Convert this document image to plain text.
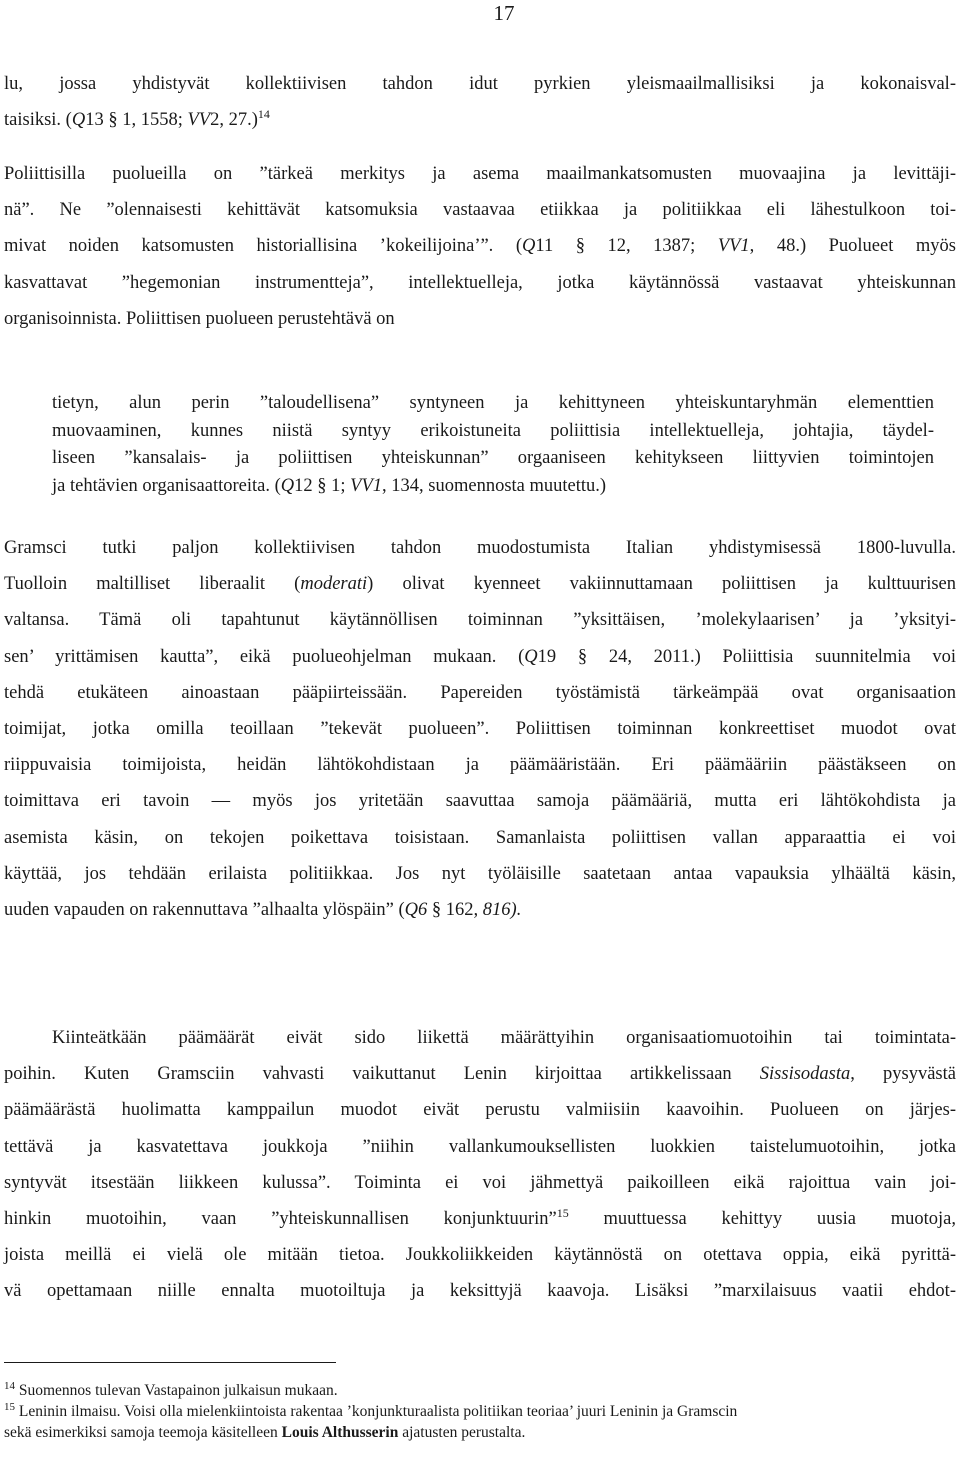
17

lu, jossa yhdistyvät kollektiivisen tahdon idut pyrkien yleismaailmallisiksi ja kokonaisval-
taisiksi. (Q13 § 1, 1558; VV2, 27.)$^{14}$

Poliittisilla puolueilla on ”tärkeä merkitys ja asema maailmankatsomusten muovaajina ja levittäji-
nä”. Ne ”olennaisesti kehittävät katsomuksia vastaavaa etiikkaa ja politiikkaa eli lähestulkoon toi-
mivat noiden katsomusten historiallisina ’kokeilijoina’”. (Q11 § 12, 1387; VV1, 48.) Puolueet myös
kasvattavat ”hegemonian instrumentteja”, intellektuelleja, jotka käytännössä vastaavat yhteiskunnan
organisoinnista. Poliittisen puolueen perustehtävä on

tietyn, alun perin ”taloudellisena” syntyneen ja kehittyneen yhteiskuntaryhmän elementtien
muovaaminen, kunnes niistä syntyy erikoistuneita poliittisia intellektuelleja, johtajia, täydel-
liseen ”kansalais- ja poliittisen yhteiskunnan” orgaaniseen kehitykseen liittyvien toimintojen
ja tehtävien organisaattoreita. (Q12 § 1; VV1, 134, suomennosta muutettu.)

Gramsci tutki paljon kollektiivisen tahdon muodostumista Italian yhdistymisessä 1800-luvulla.
Tuolloin maltilliset liberaalit (moderati) olivat kyenneet vakiinnuttamaan poliittisen ja kulttuurisen
valtansa. Tämä oli tapahtunut käytännöllisen toiminnan ”yksittäisen, ’molekylaarisen’ ja ’yksityi-
sen’ yrittämisen kautta”, eikä puolueohjelman mukaan. (Q19 § 24, 2011.) Poliittisia suunnitelmia voi
tehdä etukäteen ainoastaan pääpiirteissään. Papereiden työstämistä tärkeämpää ovat organisaation
toimijat, jotka omilla teoillaan ”tekevät puolueen”. Poliittisen toiminnan konkreettiset muodot ovat
riippuvaisia toimijoista, heidän lähtökohdistaan ja päämääristään. Eri päämääriin päästäkseen on
toimittava eri tavoin — myös jos yritetään saavuttaa samoja päämääriä, mutta eri lähtökohdista ja
asemista käsin, on tekojen poikettava toisistaan. Samanlaista poliittisen vallan apparaattia ei voi
käyttää, jos tehdään erilaista politiikkaa. Jos nyt työläisille saatetaan antaa vapauksia ylhäältä käsin,
uuden vapauden on rakennuttava ”alhaalta ylöspäin” (Q6 § 162, 816).

Kiinteätkään päämäärät eivät sido liikettä määrättyihin organisaatiomuotoihin tai toimintata-
poihin. Kuten Gramsciin vahvasti vaikuttanut Lenin kirjoittaa artikkelissaan Sissisodasta, pysyvästä
päämäärästä huolimatta kamppailun muodot eivät perustu valmiisiin kaavoihin. Puolueen on järjes-
tettävä ja kasvatettava joukkoja ”niihin vallankumouksellisten luokkien taistelumuotoihin, jotka
syntyvät itsestään liikkeen kulussa”. Toiminta ei voi jähmettyä paikoilleen eikä rajoittua vain joi-
hinkin muotoihin, vaan ”yhteiskunnallisen konjunktuurin”$^{15}$ muuttuessa kehittyy uusia muotoja,
joista meillä ei vielä ole mitään tietoa. Joukkoliikkeiden käytännöstä on otettava oppia, eikä pyrittä-
vä opettamaan niille ennalta muotoiltuja ja keksittyjä kaavoja. Lisäksi ”marxilaisuus vaatii ehdot-

$^{14}$ Suomennos tulevan Vastapainon julkaisun mukaan.
$^{15}$ Leninin ilmaisu. Voisi olla mielenkiintoista rakentaa ’konjunkturaalista politiikan teoriaa’ juuri Leninin ja Gramscin
sekä esimerkiksi samoja teemoja käsitelleen Louis Althusserin ajatusten perustalta.
